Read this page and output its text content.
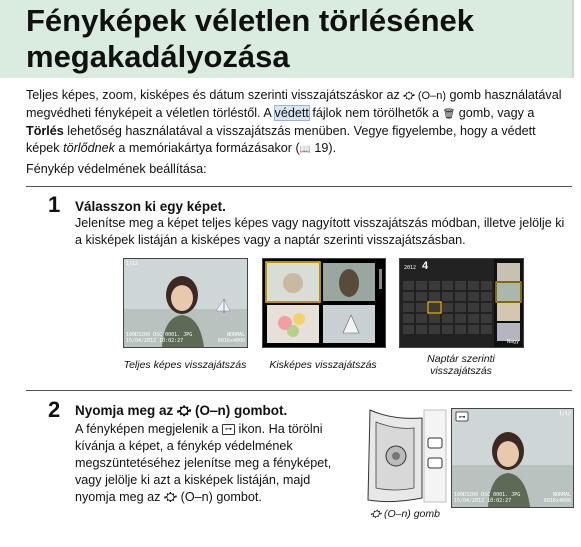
Fényképek véletlen törlésének
megakadályozása

Teljes képes, zoom, kisképes és dátum szerinti visszajátszáskor az ⛮ (O‒n) gomb használatával megvédheti fényképeit a véletlen törléstől. A védett fájlok nem törölhetők a 🗑 gomb, vagy a Törlés lehetőség használatával a visszajátszás menüben. Vegye figyelembe, hogy a védett képek törlődnek a memóriakártya formázásakor (📖 19).

Fénykép védelmének beállítása:
1 Válasszon ki egy képet.
Jelenítse meg a képet teljes képes vagy nagyított visszajátszás módban, illetve jelölje ki a kisképek listáján a kisképes vagy a naptár szerinti visszajátszásban.
1/12
100D3200 DSC_0001. JPG
15/04/2012 10:02:27
NORMAL
6016x4000
2012 4
Nagy
Teljes képes visszajátszás	Kisképes visszajátszás	Naptár szerinti
visszajátszás
2 Nyomja meg az ⛮ (O‒n) gombot.
A fényképen megjelenik a ⊶ ikon. Ha törölni
kívánja a képet, a fénykép védelmének
megszüntetéséhez jelenítse meg a fényképet,
vagy jelölje ki azt a kisképek listáján, majd
nyomja meg az ⛮ (O‒n) gombot.
⛮ (O‒n) gomb
⊶	1/12
100D3200 DSC_0001. JPG
15/04/2012 10:02:27
NORMAL
6016x4000
